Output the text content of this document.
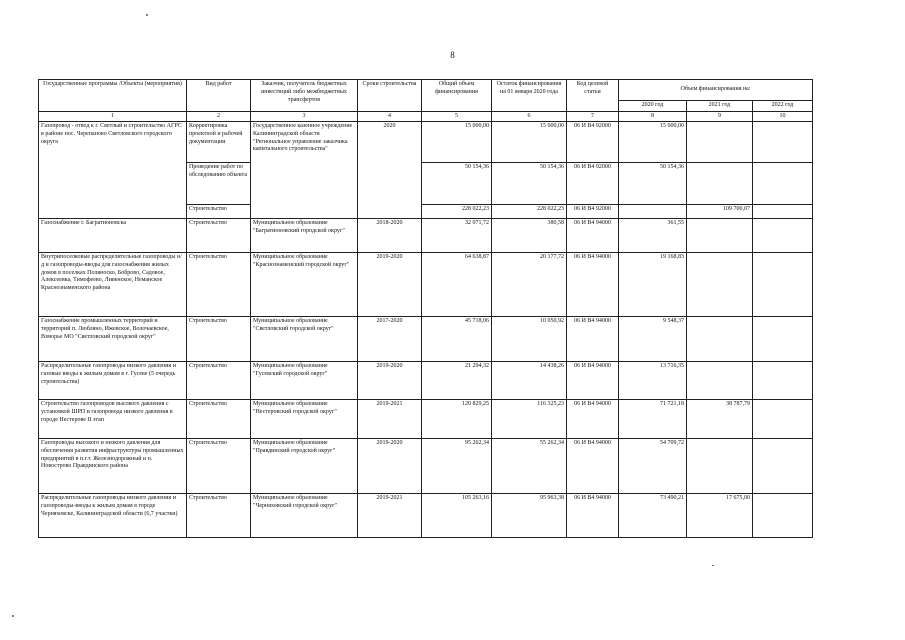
8
Государственные программы /Объекты (мероприятия)	Вид работ	Заказчик, получатель бюджетных инвестиций либо межбюджетных трансфертов	Сроки строительства	Общий объем финансирования	Остаток финансирования на 01 января 2020 года	Код целевой статьи	Объем финансирования на:		
							2020 год	2021 год	2022 год
1	2	3	4	5	6	7	8	9	10
Газопровод - отвод к г. Светлый и строительство АГРС в районе пос. Черепаново Светловского городского округа	Корректировка проектной и рабочей документации	Государственное казенное учреждение Калининградской области "Региональное управление заказчика капитального строительства"	2020	15 000,00	15 000,00	06 И В4 92000	15 000,00		
	Проведение работ по обследованию объекта			50 154,36	50 154,36	06 И В4 92000	50 154,36		
	Строительство			228 022,23	228 022,23	06 И В4 92000		109 700,07	
Газоснабжение г. Багратионовска	Строительство	Муниципальное образование "Багратионовский городской округ"	2018-2020	32 071,72	380,58	06 И В4 94000	361,55		
Внутрипоселковые распределительные газопроводы н/д и газопроводы-вводы для газоснабжения жилых домов в поселках Поляноско, Боброво, Садовое, Алексеевка, Тимофеево, Ливенское, Неманское Краснознаменского района	Строительство	Муниципальное образование "Краснознаменский городской округ"	2019-2020	64 638,87	20 177,72	06 И В4 94000	19 168,83		
Газоснабжение промышленных территорий и территорий п. Любляно, Ижевское, Волочаевское, Взморье МО "Светловский городской округ"	Строительство	Муниципальное образование "Светловский городской округ"	2017-2020	45 718,06	10 050,92	06 И В4 94000	9 548,37		
Распределительные газопроводы низкого давления и газовые вводы к жилым домам в г. Гусеве (5 очередь строительства)	Строительство	Муниципальное образование "Гусевский городской округ"	2019-2020	21 294,32	14 438,26	06 И В4 94000	13 716,35		
Строительство газопроводов высокого давления с установкой ШРП и газопровода низкого давления в городе Нестерове II этап	Строительство	Муниципальное образование "Нестеровский городской округ"	2019-2021	120 829,25	116 325,23	06 И В4 94000	71 721,18	38 787,79	
Газопроводы высокого и низкого давления для обеспечения развития инфраструктуры промышленных предприятий в п.г.т. Железнодорожный и п. Новострово Правдинского района	Строительство	Муниципальное образование "Правдинский городской округ"	2019-2020	95 262,34	55 262,34	06 И В4 94000	54 709,72		
Распределительные газопроводы низкого давления и газопроводы-вводы к жилым домам в городе Черняховске, Калининградской области (6,7 участки)	Строительство	Муниципальное образование "Черняховский городской округ"	2019-2021	105 263,16	95 963,38	06 И В4 94000	73 490,21	17 675,00	
